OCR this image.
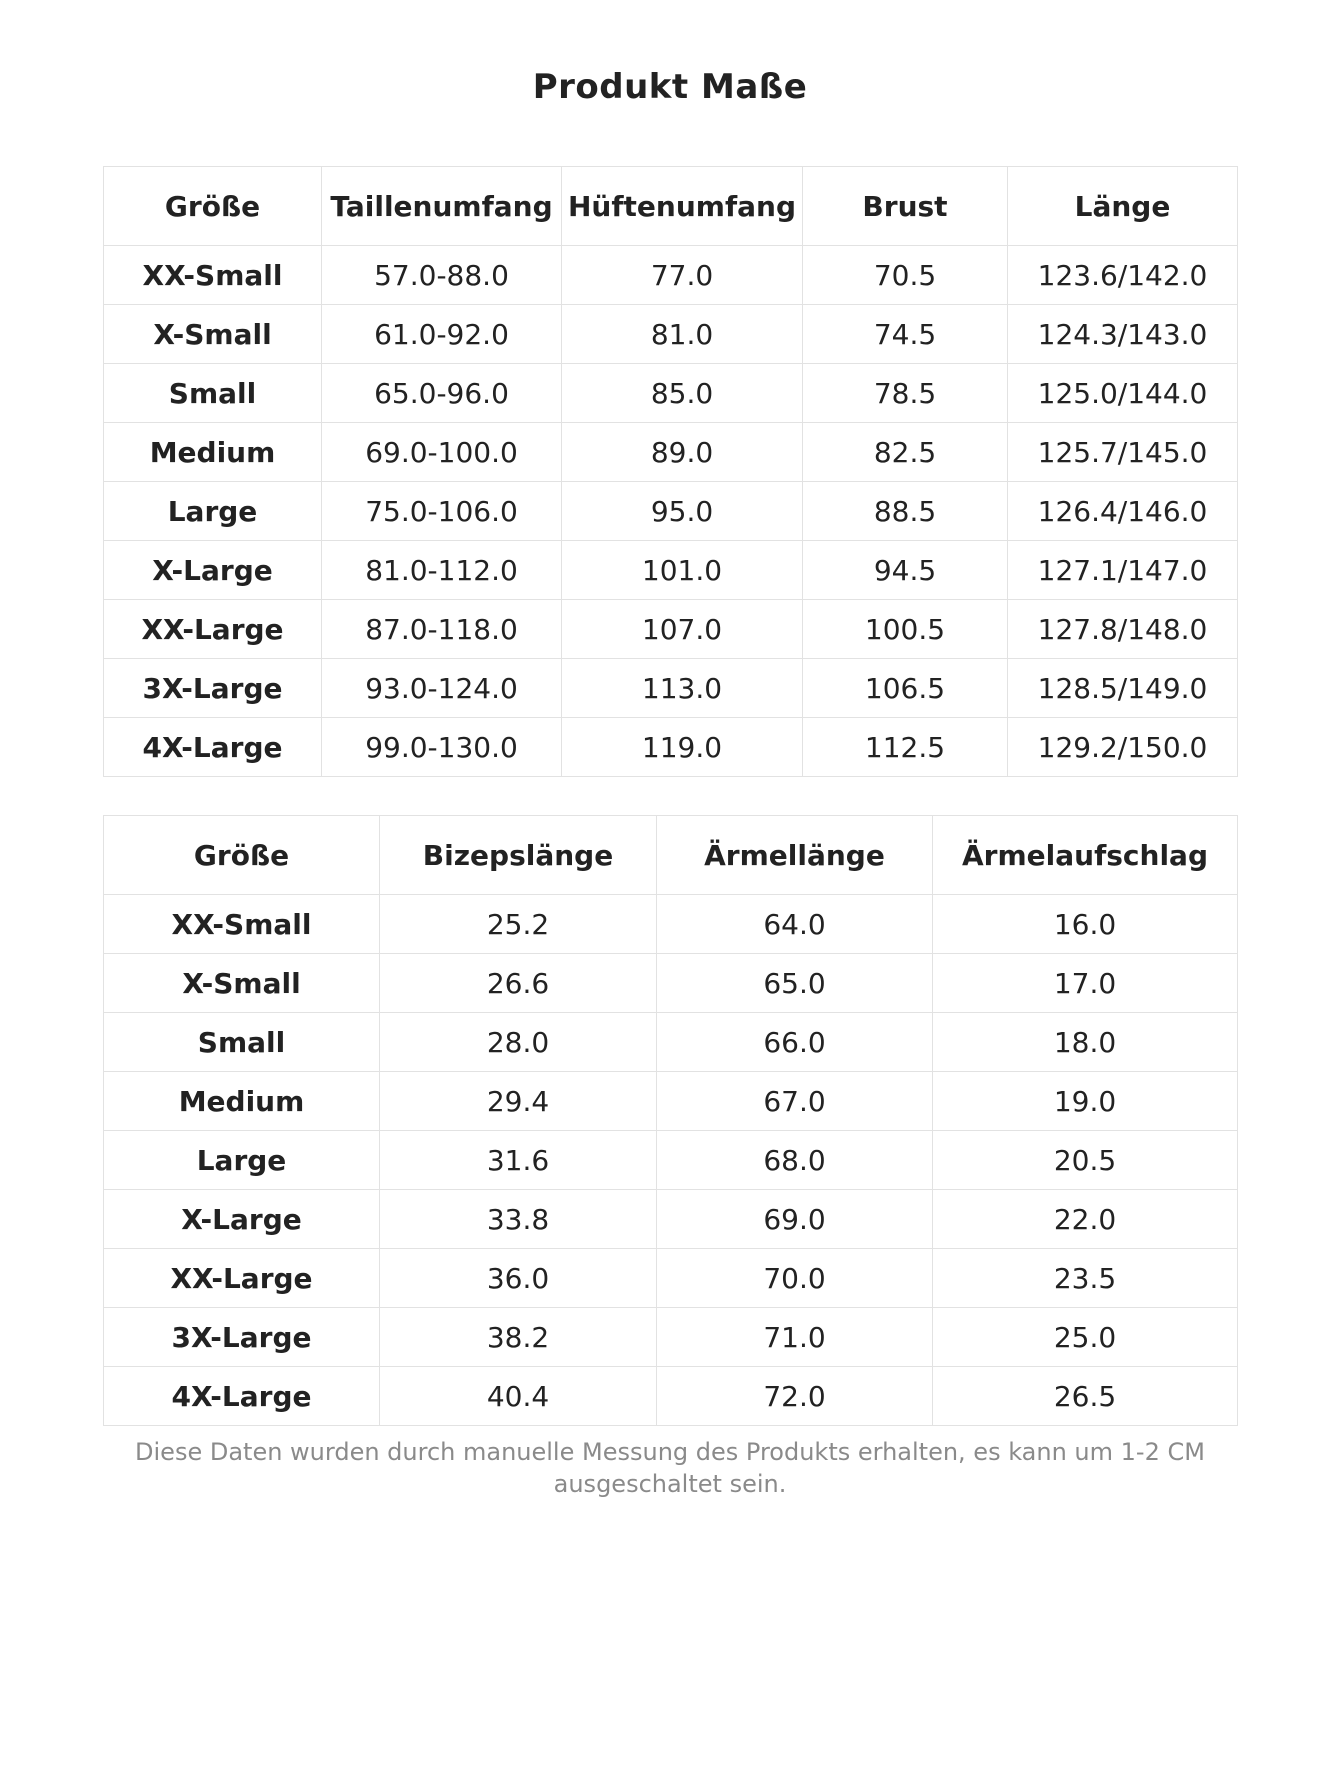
Produkt Maße
Größe	Taillenumfang	Hüftenumfang	Brust	Länge
XX-Small	57.0-88.0	77.0	70.5	123.6/142.0
X-Small	61.0-92.0	81.0	74.5	124.3/143.0
Small	65.0-96.0	85.0	78.5	125.0/144.0
Medium	69.0-100.0	89.0	82.5	125.7/145.0
Large	75.0-106.0	95.0	88.5	126.4/146.0
X-Large	81.0-112.0	101.0	94.5	127.1/147.0
XX-Large	87.0-118.0	107.0	100.5	127.8/148.0
3X-Large	93.0-124.0	113.0	106.5	128.5/149.0
4X-Large	99.0-130.0	119.0	112.5	129.2/150.0
Größe	Bizepslänge	Ärmellänge	Ärmelaufschlag
XX-Small	25.2	64.0	16.0
X-Small	26.6	65.0	17.0
Small	28.0	66.0	18.0
Medium	29.4	67.0	19.0
Large	31.6	68.0	20.5
X-Large	33.8	69.0	22.0
XX-Large	36.0	70.0	23.5
3X-Large	38.2	71.0	25.0
4X-Large	40.4	72.0	26.5

Diese Daten wurden durch manuelle Messung des Produkts erhalten, es kann um 1-2 CM ausgeschaltet sein.
